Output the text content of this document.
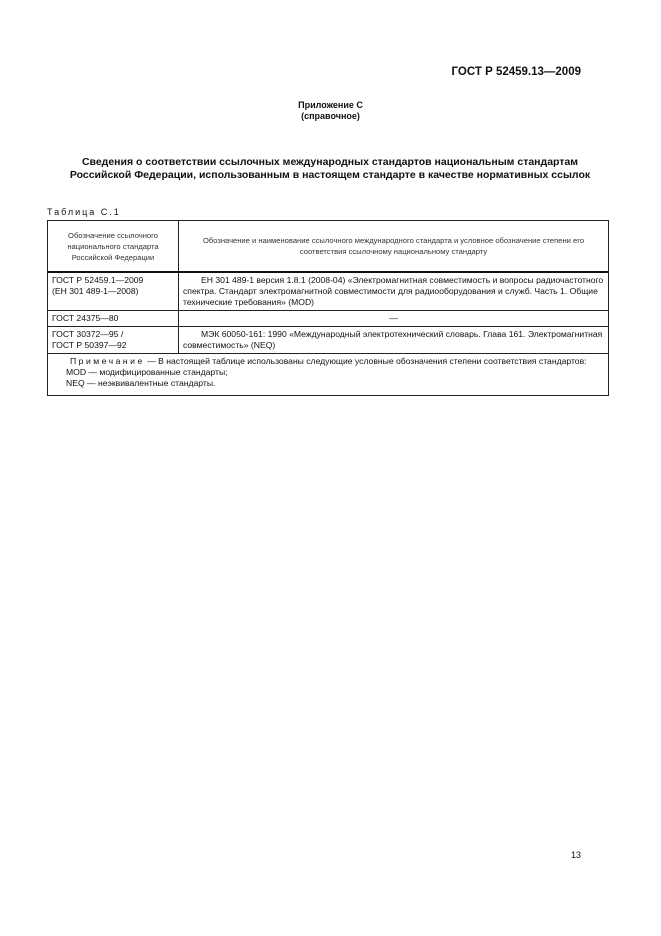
ГОСТ Р 52459.13—2009
Приложение С
(справочное)
Сведения о соответствии ссылочных международных стандартов национальным стандартам Российской Федерации, использованным в настоящем стандарте в качестве нормативных ссылок
Таблица С.1
Обозначение ссылочного национального стандарта Российской Федерации	Обозначение и наименование ссылочного международного стандарта и условное обозначение степени его соответствия ссылочному национальному стандарту

ГОСТ Р 52459.1—2009
(ЕН 301 489-1—2008)	ЕН 301 489-1 версия 1.8.1 (2008-04) «Электромагнитная совместимость и вопросы радиочастотного спектра. Стандарт электромагнитной совместимости для радиооборудования и служб. Часть 1. Общие технические требования» (MOD)

ГОСТ 24375—80	—

ГОСТ 30372—95 /
ГОСТ Р 50397—92	МЭК 60050-161: 1990 «Международный электротехнический словарь. Глава 161. Электромагнитная совместимость» (NEQ)

Примечание — В настоящей таблице использованы следующие условные обозначения степени соответствия стандартов:

MOD — модифицированные стандарты;

NEQ — неэквивалентные стандарты.	

13
